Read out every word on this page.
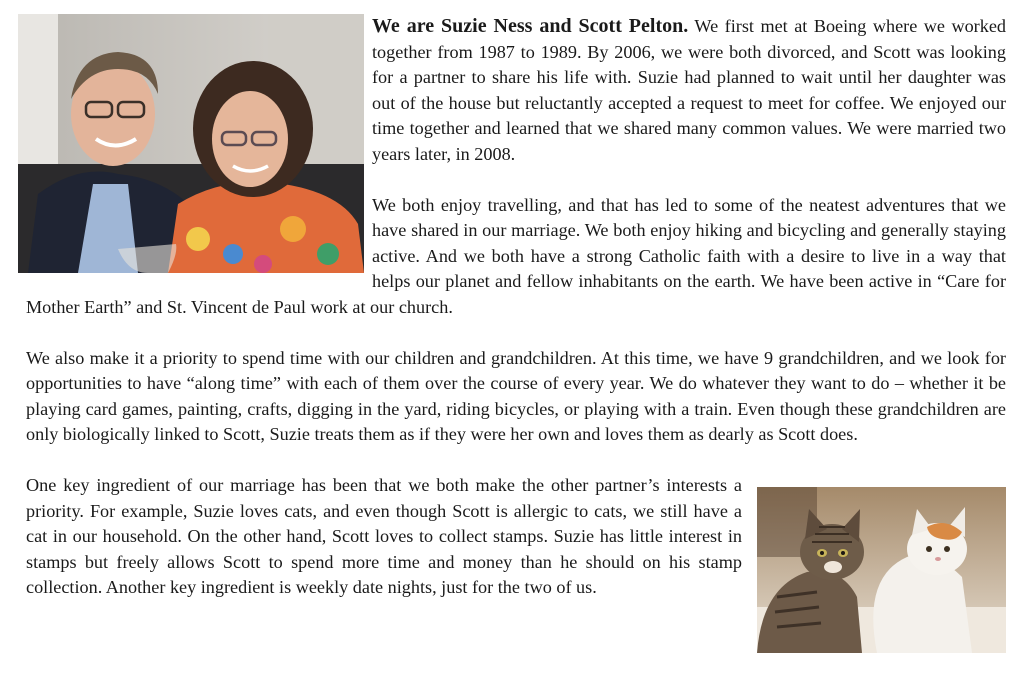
We are Suzie Ness and Scott Pelton. We first met at Boeing where we worked together from 1987 to 1989. By 2006, we were both divorced, and Scott was looking for a partner to share his life with. Suzie had planned to wait until her daughter was out of the house but reluctantly accepted a request to meet for coffee. We enjoyed our time together and learned that we shared many common values. We were married two years later, in 2008.

We both enjoy travelling, and that has led to some of the neatest adventures that we have shared in our marriage. We both enjoy hiking and bicycling and generally staying active. And we both have a strong Catholic faith with a desire to live in a way that helps our planet and fellow inhabitants on the earth. We have been active in “Care for Mother Earth” and St. Vincent de Paul work at our church.

We also make it a priority to spend time with our children and grandchildren. At this time, we have 9 grandchildren, and we look for opportunities to have “along time” with each of them over the course of every year. We do whatever they want to do – whether it be playing card games, painting, crafts, digging in the yard, riding bicycles, or playing with a train. Even though these grandchildren are only biologically linked to Scott, Suzie treats them as if they were her own and loves them as dearly as Scott does.

One key ingredient of our marriage has been that we both make the other partner’s interests a priority. For example, Suzie loves cats, and even though Scott is allergic to cats, we still have a cat in our household. On the other hand, Scott loves to collect stamps. Suzie has little interest in stamps but freely allows Scott to spend more time and money than he should on his stamp collection. Another key ingredient is weekly date nights, just for the two of us.
